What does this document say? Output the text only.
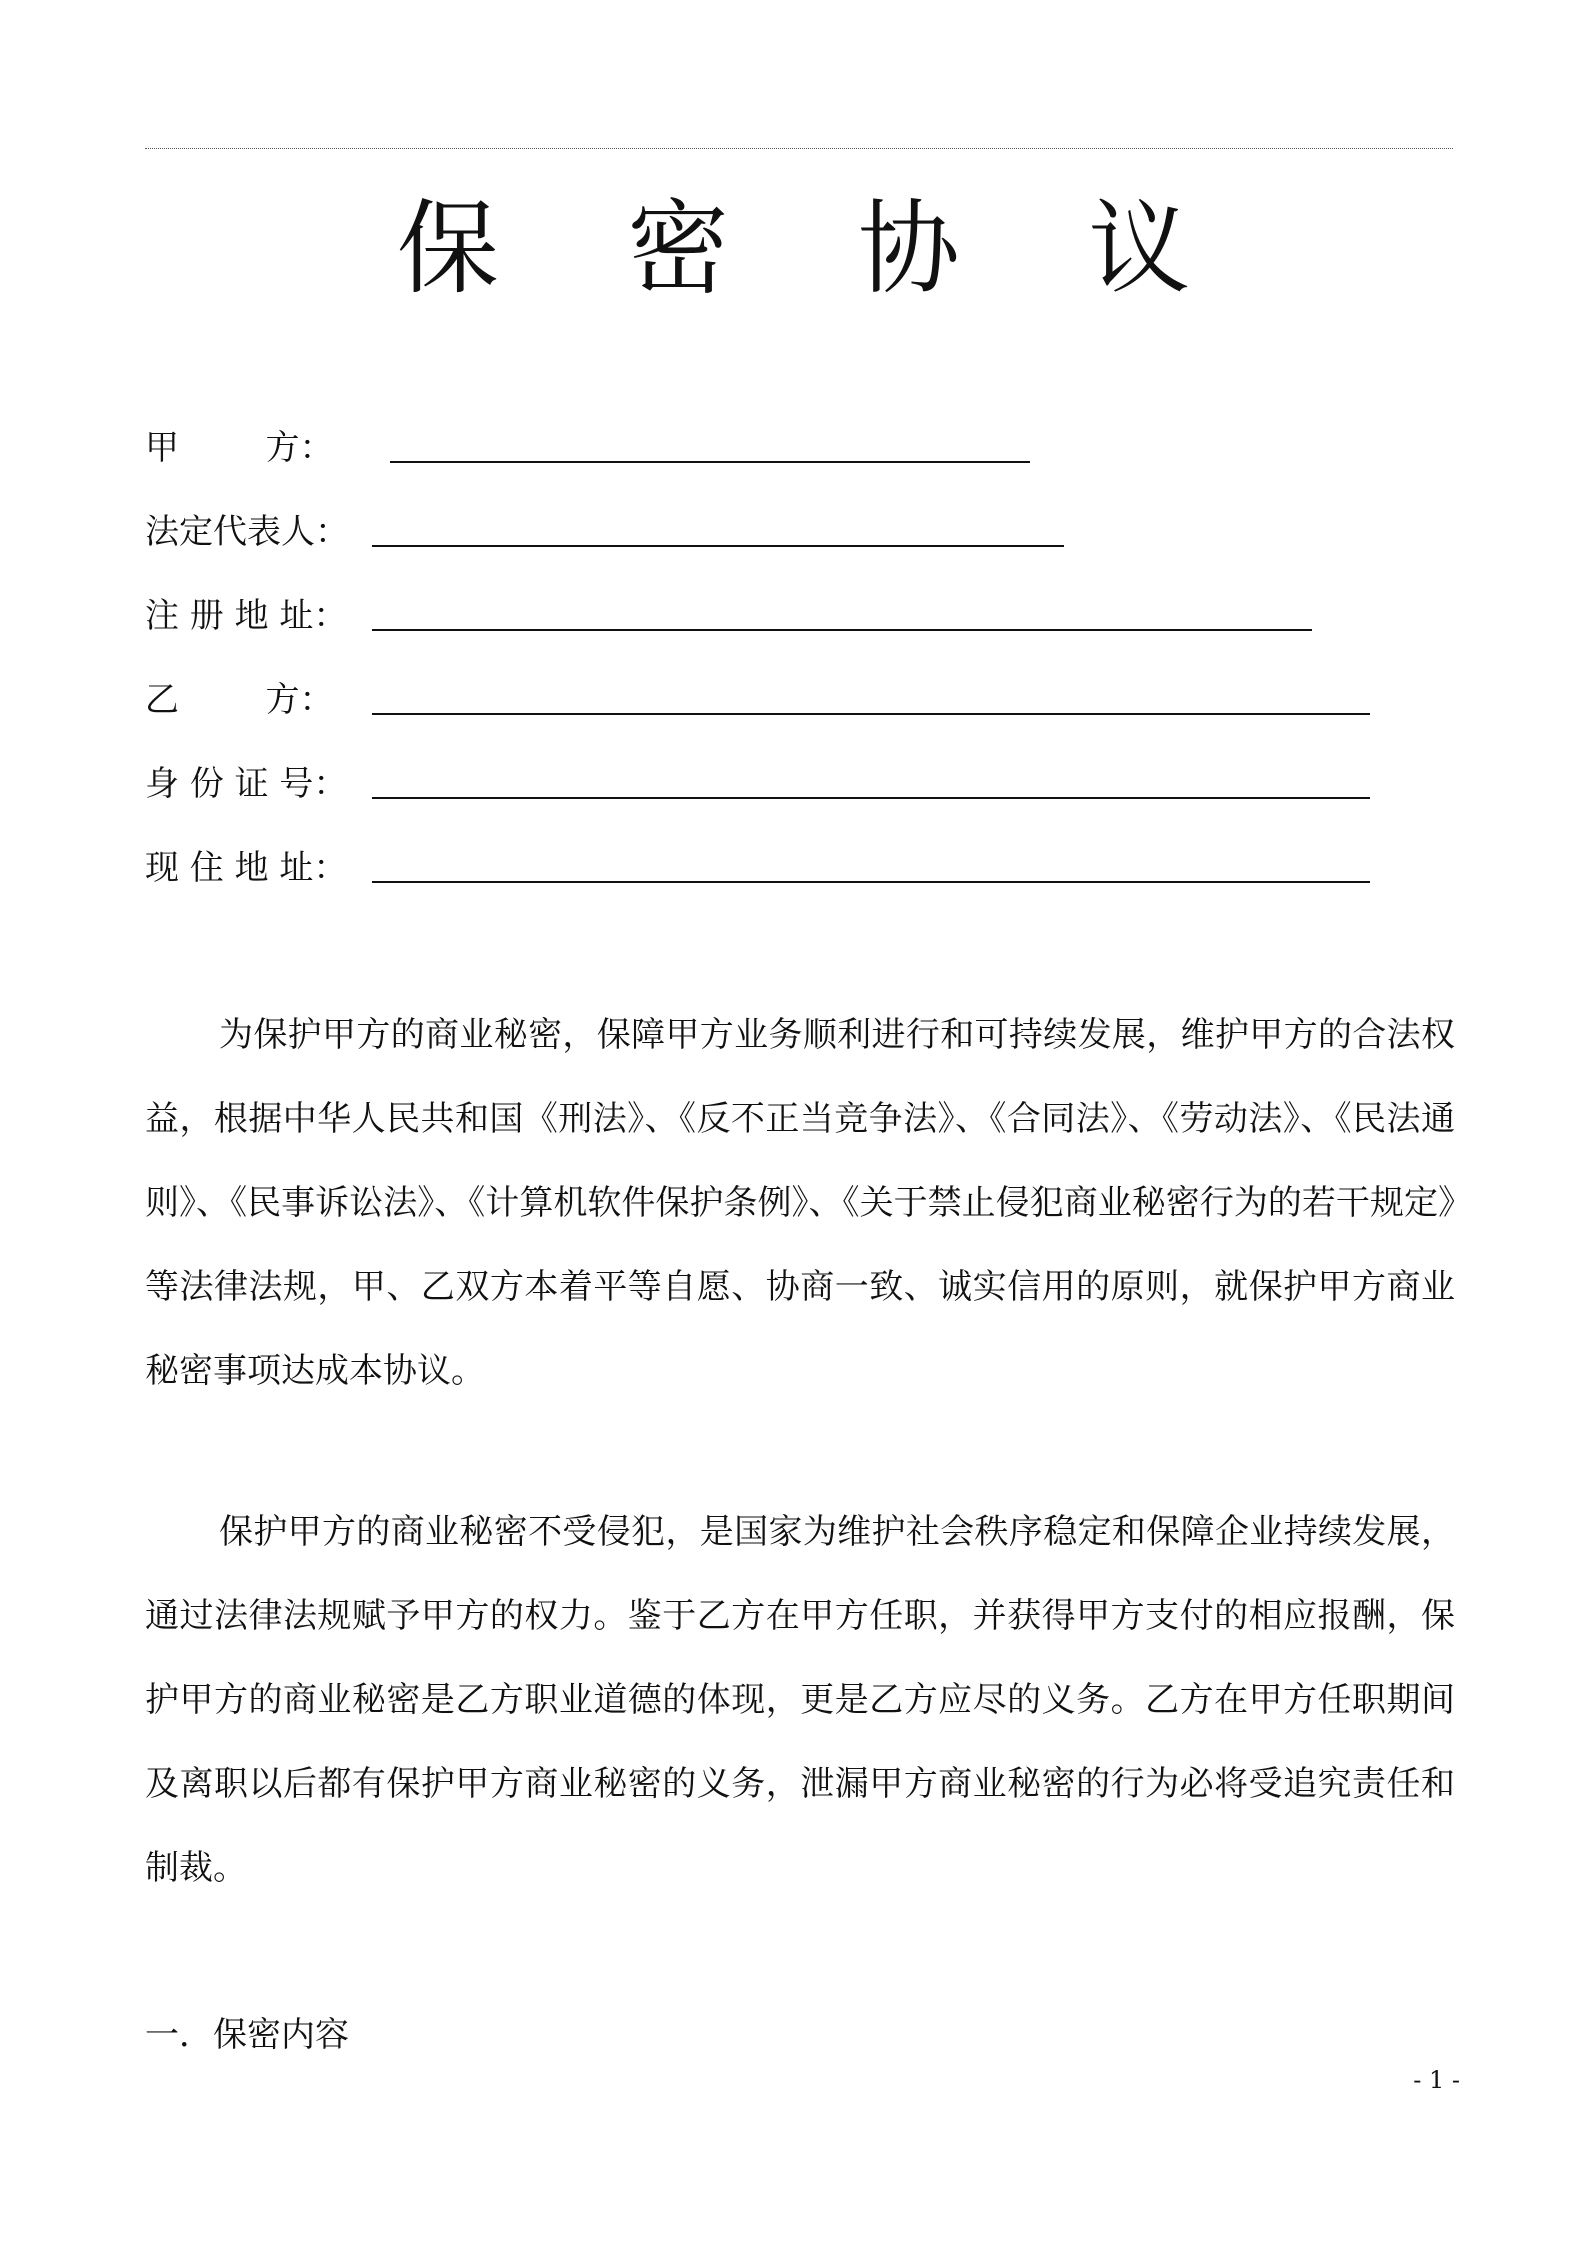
保 密 协 议
甲        方：
法定代表人：
注 册 地 址：
乙        方：
身 份 证 号：
现 住 地 址：

为保护甲方的商业秘密，保障甲方业务顺利进行和可持续发展，维护甲方的合法权益，根据中华人民共和国《刑法》、《反不正当竞争法》、《合同法》、《劳动法》、《民法通则》、《民事诉讼法》、《计算机软件保护条例》、《关于禁止侵犯商业秘密行为的若干规定》等法律法规，甲、乙双方本着平等自愿、协商一致、诚实信用的原则，就保护甲方商业秘密事项达成本协议。

保护甲方的商业秘密不受侵犯，是国家为维护社会秩序稳定和保障企业持续发展，通过法律法规赋予甲方的权力。鉴于乙方在甲方任职，并获得甲方支付的相应报酬，保护甲方的商业秘密是乙方职业道德的体现，更是乙方应尽的义务。乙方在甲方任职期间及离职以后都有保护甲方商业秘密的义务，泄漏甲方商业秘密的行为必将受追究责任和制裁。

一．保密内容
- 1 -
